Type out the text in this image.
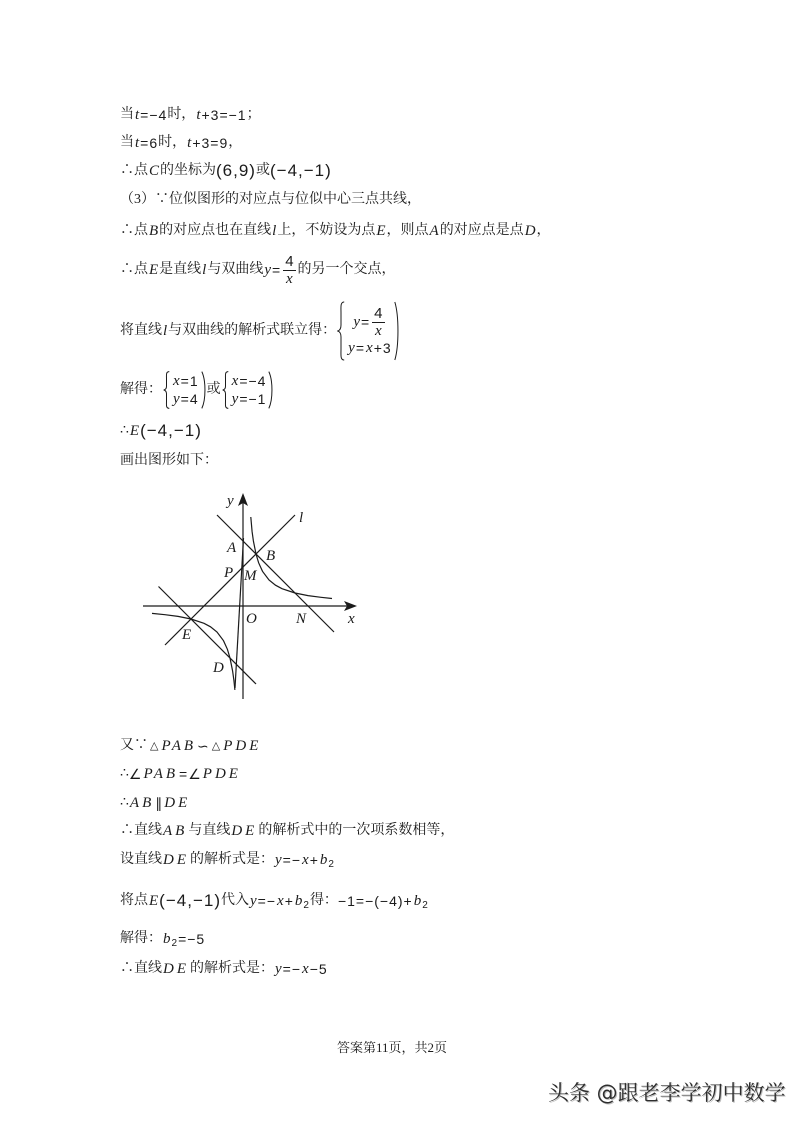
当 t =−4 时， t +3=−1 ；
当 t =6 时， t +3=9 ，
∴点 C 的坐标为 (6,9) 或 (−4,−1)
（3）∵位似图形的对应点与位似中心三点共线，
∴点 B 的对应点也在直线 l 上，不妨设为点 E ，则点 A 的对应点是点 D ，
∴点 E 是直线 l 与双曲线 $y = \frac{4}{x}$ 的另一个交点，
将直线 l 与双曲线的解析式联立得：
$y = \frac{4}{x}$
y = x +3
解得：
x =1
y =4
或
x =−4
y =−1
∴ E (−4,−1)
画出图形如下：
y
l
A B
P M
O	N	x
E
D
又∵ △ PAB ∽ △ PDE
∴ ∠ PAB = ∠ PDE
∴ AB ∥ DE
∴直线 AB 与直线 DE 的解析式中的一次项系数相等，
设直线 DE 的解析式是： y =− x + b 2
将点 E (−4,−1) 代入 y =− x + b 2 得： −1=−(−4)+ b 2
解得： b 2 =−5
∴直线 DE 的解析式是： y =− x −5
答案第11页，共2页
头条 @跟老李学初中数学
